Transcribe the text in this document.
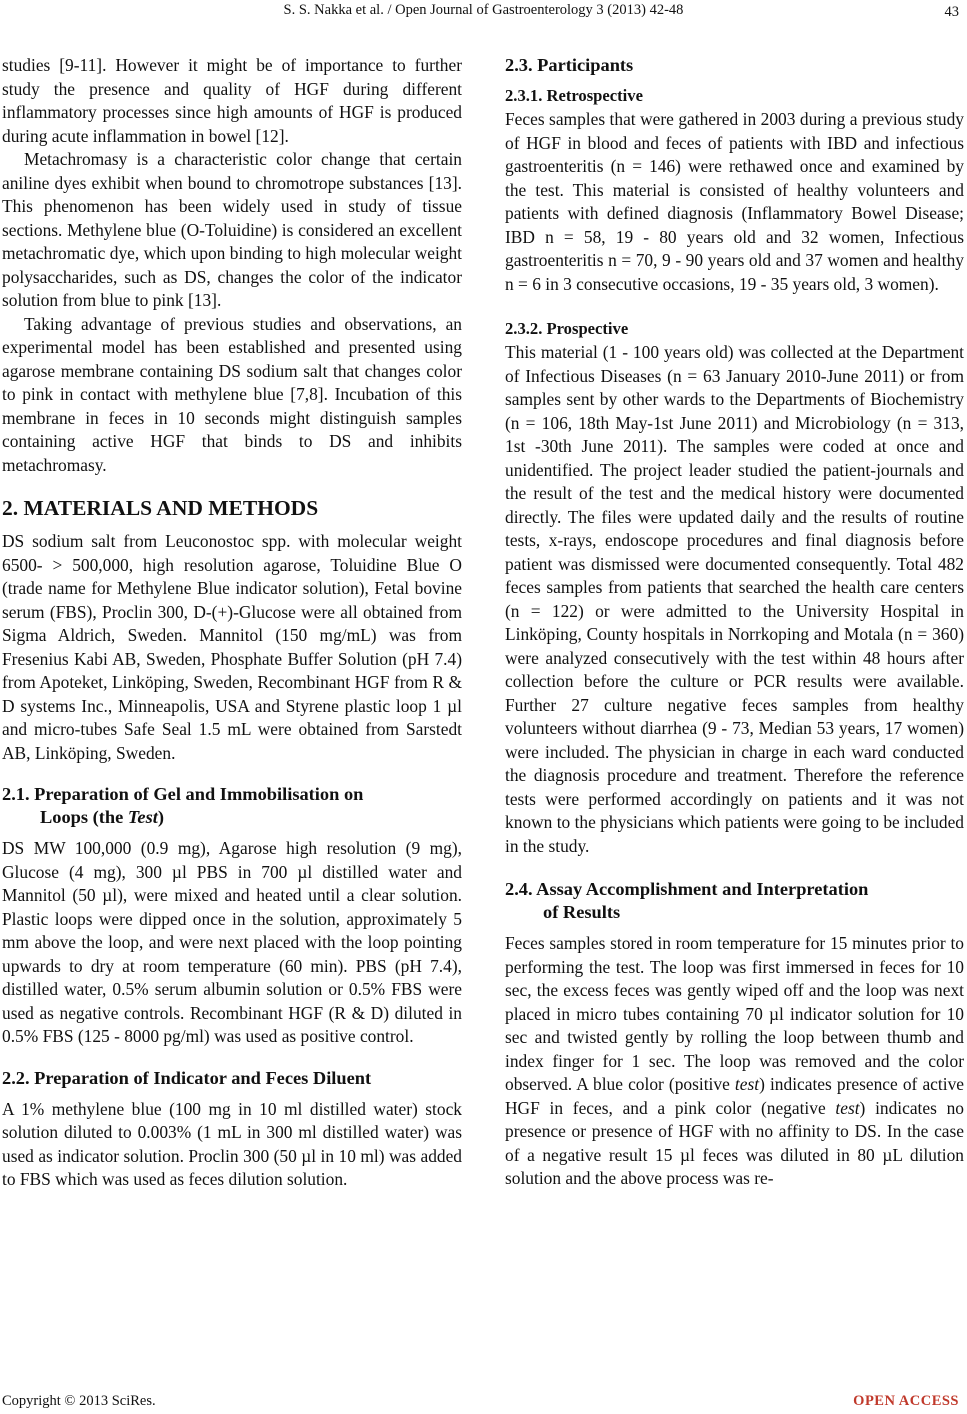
S. S. Nakka et al. / Open Journal of Gastroenterology 3 (2013) 42-48	43

studies [9-11]. However it might be of importance to further study the presence and quality of HGF during different inflammatory processes since high amounts of HGF is produced during acute inflammation in bowel [12].

Metachromasy is a characteristic color change that certain aniline dyes exhibit when bound to chromotrope substances [13]. This phenomenon has been widely used in study of tissue sections. Methylene blue (O-Toluidine) is considered an excellent metachromatic dye, which upon binding to high molecular weight polysaccharides, such as DS, changes the color of the indicator solution from blue to pink [13].

Taking advantage of previous studies and observations, an experimental model has been established and presented using agarose membrane containing DS sodium salt that changes color to pink in contact with methylene blue [7,8]. Incubation of this membrane in feces in 10 seconds might distinguish samples containing active HGF that binds to DS and inhibits metachromasy.

2. MATERIALS AND METHODS

DS sodium salt from Leuconostoc spp. with molecular weight 6500- > 500,000, high resolution agarose, Toluidine Blue O (trade name for Methylene Blue indicator solution), Fetal bovine serum (FBS), Proclin 300, D-(+)-Glucose were all obtained from Sigma Aldrich, Sweden. Mannitol (150 mg/mL) was from Fresenius Kabi AB, Sweden, Phosphate Buffer Solution (pH 7.4) from Apoteket, Linköping, Sweden, Recombinant HGF from R & D systems Inc., Minneapolis, USA and Styrene plastic loop 1 µl and micro-tubes Safe Seal 1.5 mL were obtained from Sarstedt AB, Linköping, Sweden.

2.1. Preparation of Gel and Immobilisation on
Loops (the Test)

DS MW 100,000 (0.9 mg), Agarose high resolution (9 mg), Glucose (4 mg), 300 µl PBS in 700 µl distilled water and Mannitol (50 µl), were mixed and heated until a clear solution. Plastic loops were dipped once in the solution, approximately 5 mm above the loop, and were next placed with the loop pointing upwards to dry at room temperature (60 min). PBS (pH 7.4), distilled water, 0.5% serum albumin solution or 0.5% FBS were used as negative controls. Recombinant HGF (R & D) diluted in 0.5% FBS (125 - 8000 pg/ml) was used as positive control.

2.2. Preparation of Indicator and Feces Diluent

A 1% methylene blue (100 mg in 10 ml distilled water) stock solution diluted to 0.003% (1 mL in 300 ml distilled water) was used as indicator solution. Proclin 300 (50 µl in 10 ml) was added to FBS which was used as feces dilution solution.

2.3. Participants
2.3.1. Retrospective

Feces samples that were gathered in 2003 during a previous study of HGF in blood and feces of patients with IBD and infectious gastroenteritis (n = 146) were rethawed once and examined by the test. This material is consisted of healthy volunteers and patients with defined diagnosis (Inflammatory Bowel Disease; IBD n = 58, 19 - 80 years old and 32 women, Infectious gastroenteritis n = 70, 9 - 90 years old and 37 women and healthy n = 6 in 3 consecutive occasions, 19 - 35 years old, 3 women).

2.3.2. Prospective

This material (1 - 100 years old) was collected at the Department of Infectious Diseases (n = 63 January 2010-June 2011) or from samples sent by other wards to the Departments of Biochemistry (n = 106, 18th May-1st June 2011) and Microbiology (n = 313, 1st -30th June 2011). The samples were coded at once and unidentified. The project leader studied the patient-journals and the result of the test and the medical history were documented directly. The files were updated daily and the results of routine tests, x-rays, endoscope procedures and final diagnosis before patient was dismissed were documented consequently. Total 482 feces samples from patients that searched the health care centers (n = 122) or were admitted to the University Hospital in Linköping, County hospitals in Norrkoping and Motala (n = 360) were analyzed consecutively with the test within 48 hours after collection before the culture or PCR results were available. Further 27 culture negative feces samples from healthy volunteers without diarrhea (9 - 73, Median 53 years, 17 women) were included. The physician in charge in each ward conducted the diagnosis procedure and treatment. Therefore the reference tests were performed accordingly on patients and it was not known to the physicians which patients were going to be included in the study.

2.4. Assay Accomplishment and Interpretation
of Results

Feces samples stored in room temperature for 15 minutes prior to performing the test. The loop was first immersed in feces for 10 sec, the excess feces was gently wiped off and the loop was next placed in micro tubes containing 70 µl indicator solution for 10 sec and twisted gently by rolling the loop between thumb and index finger for 1 sec. The loop was removed and the color observed. A blue color (positive test) indicates presence of active HGF in feces, and a pink color (negative test) indicates no presence or presence of HGF with no affinity to DS. In the case of a negative result 15 µl feces was diluted in 80 µL dilution solution and the above process was re-

Copyright © 2013 SciRes.	OPEN ACCESS
